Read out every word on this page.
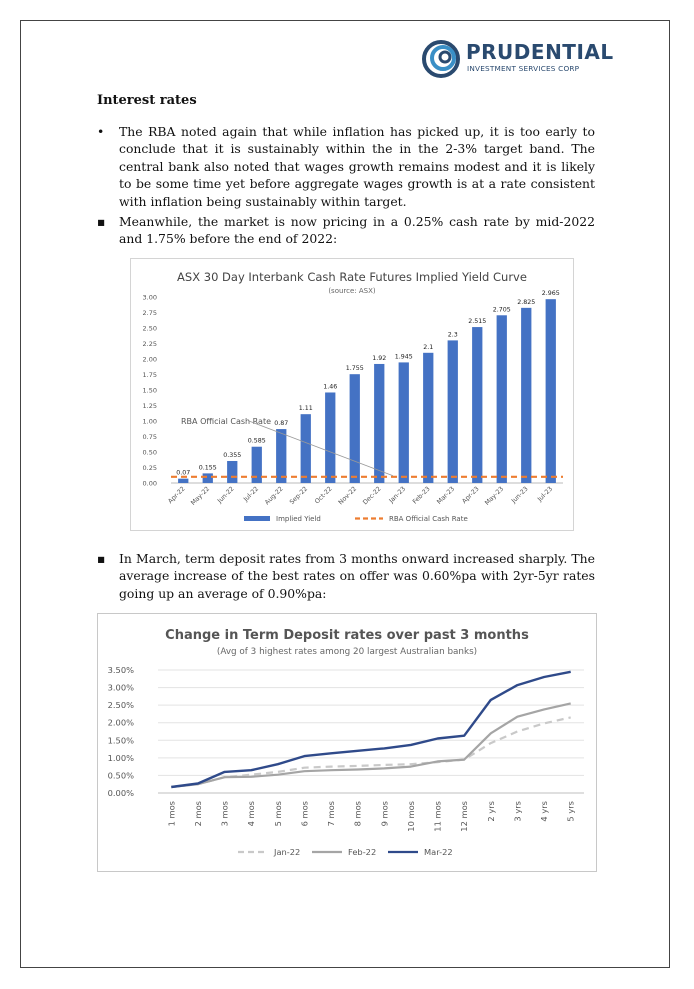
PRUDENTIAL
INVESTMENT SERVICES CORP
Interest rates
• The RBA noted again that while inflation has picked up, it is too early to conclude that it is sustainably within the in the 2-3% target band. The central bank also noted that wages growth remains modest and it is likely to be some time yet before aggregate wages growth is at a rate consistent with inflation being sustainably within target.
▪ Meanwhile, the market is now pricing in a 0.25% cash rate by mid-2022 and 1.75% before the end of 2022:
ASX 30 Day Interbank Cash Rate Futures Implied Yield Curve
(source: ASX)
0.00
0.25
0.50
0.75
1.00
1.25
1.50
1.75
2.00
2.25
2.50
2.75
3.00
0.07
Apr-22
0.155
May-22
0.355
Jun-22
0.585
Jul-22
0.87
Aug-22
1.11
Sep-22
1.46
Oct-22
1.755
Nov-22
1.92
Dec-22
1.945
Jan-23
2.1
Feb-23
2.3
Mar-23
2.515
Apr-23
2.705
May-23
2.825
Jun-23
2.965
Jul-23
RBA Official Cash Rate
Implied Yield	RBA Official Cash Rate
▪ In March, term deposit rates from 3 months onward increased sharply. The average increase of the best rates on offer was 0.60%pa with 2yr-5yr rates going up an average of 0.90%pa:
Change in Term Deposit rates over past 3 months
(Avg of 3 highest rates among 20 largest Australian banks)
0.00%
0.50%
1.00%
1.50%
2.00%
2.50%
3.00%
3.50%
1 mos 2 mos 3 mos 4 mos 5 mos 6 mos 7 mos 8 mos 9 mos 10 mos 11 mos 12 mos 2 yrs 3 yrs 4 yrs 5 yrs
Jan-22	Feb-22	Mar-22
